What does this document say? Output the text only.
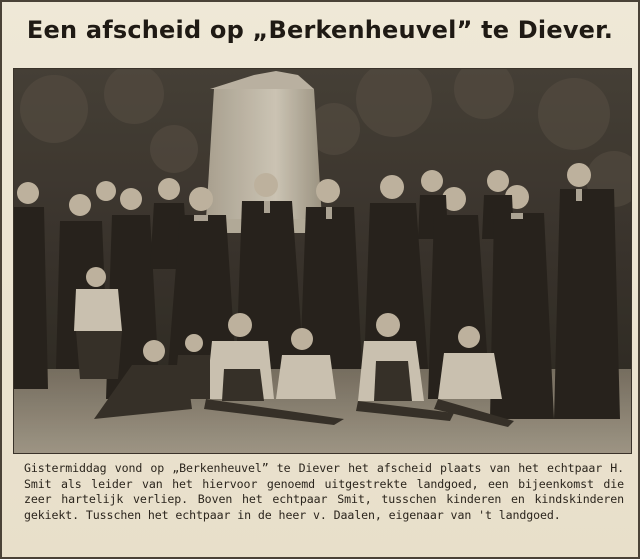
Een afscheid op „Berkenheuvel” te Diever.
Gistermiddag vond op „Berkenheuvel” te Diever het afscheid plaats van het echtpaar H. Smit als leider van het hiervoor genoemd uitgestrekte landgoed, een bijeenkomst die zeer hartelijk verliep. Boven het echtpaar Smit, tusschen kinderen en kindskinderen gekiekt. Tusschen het echtpaar in de heer v. Daalen, eigenaar van 't landgoed.
